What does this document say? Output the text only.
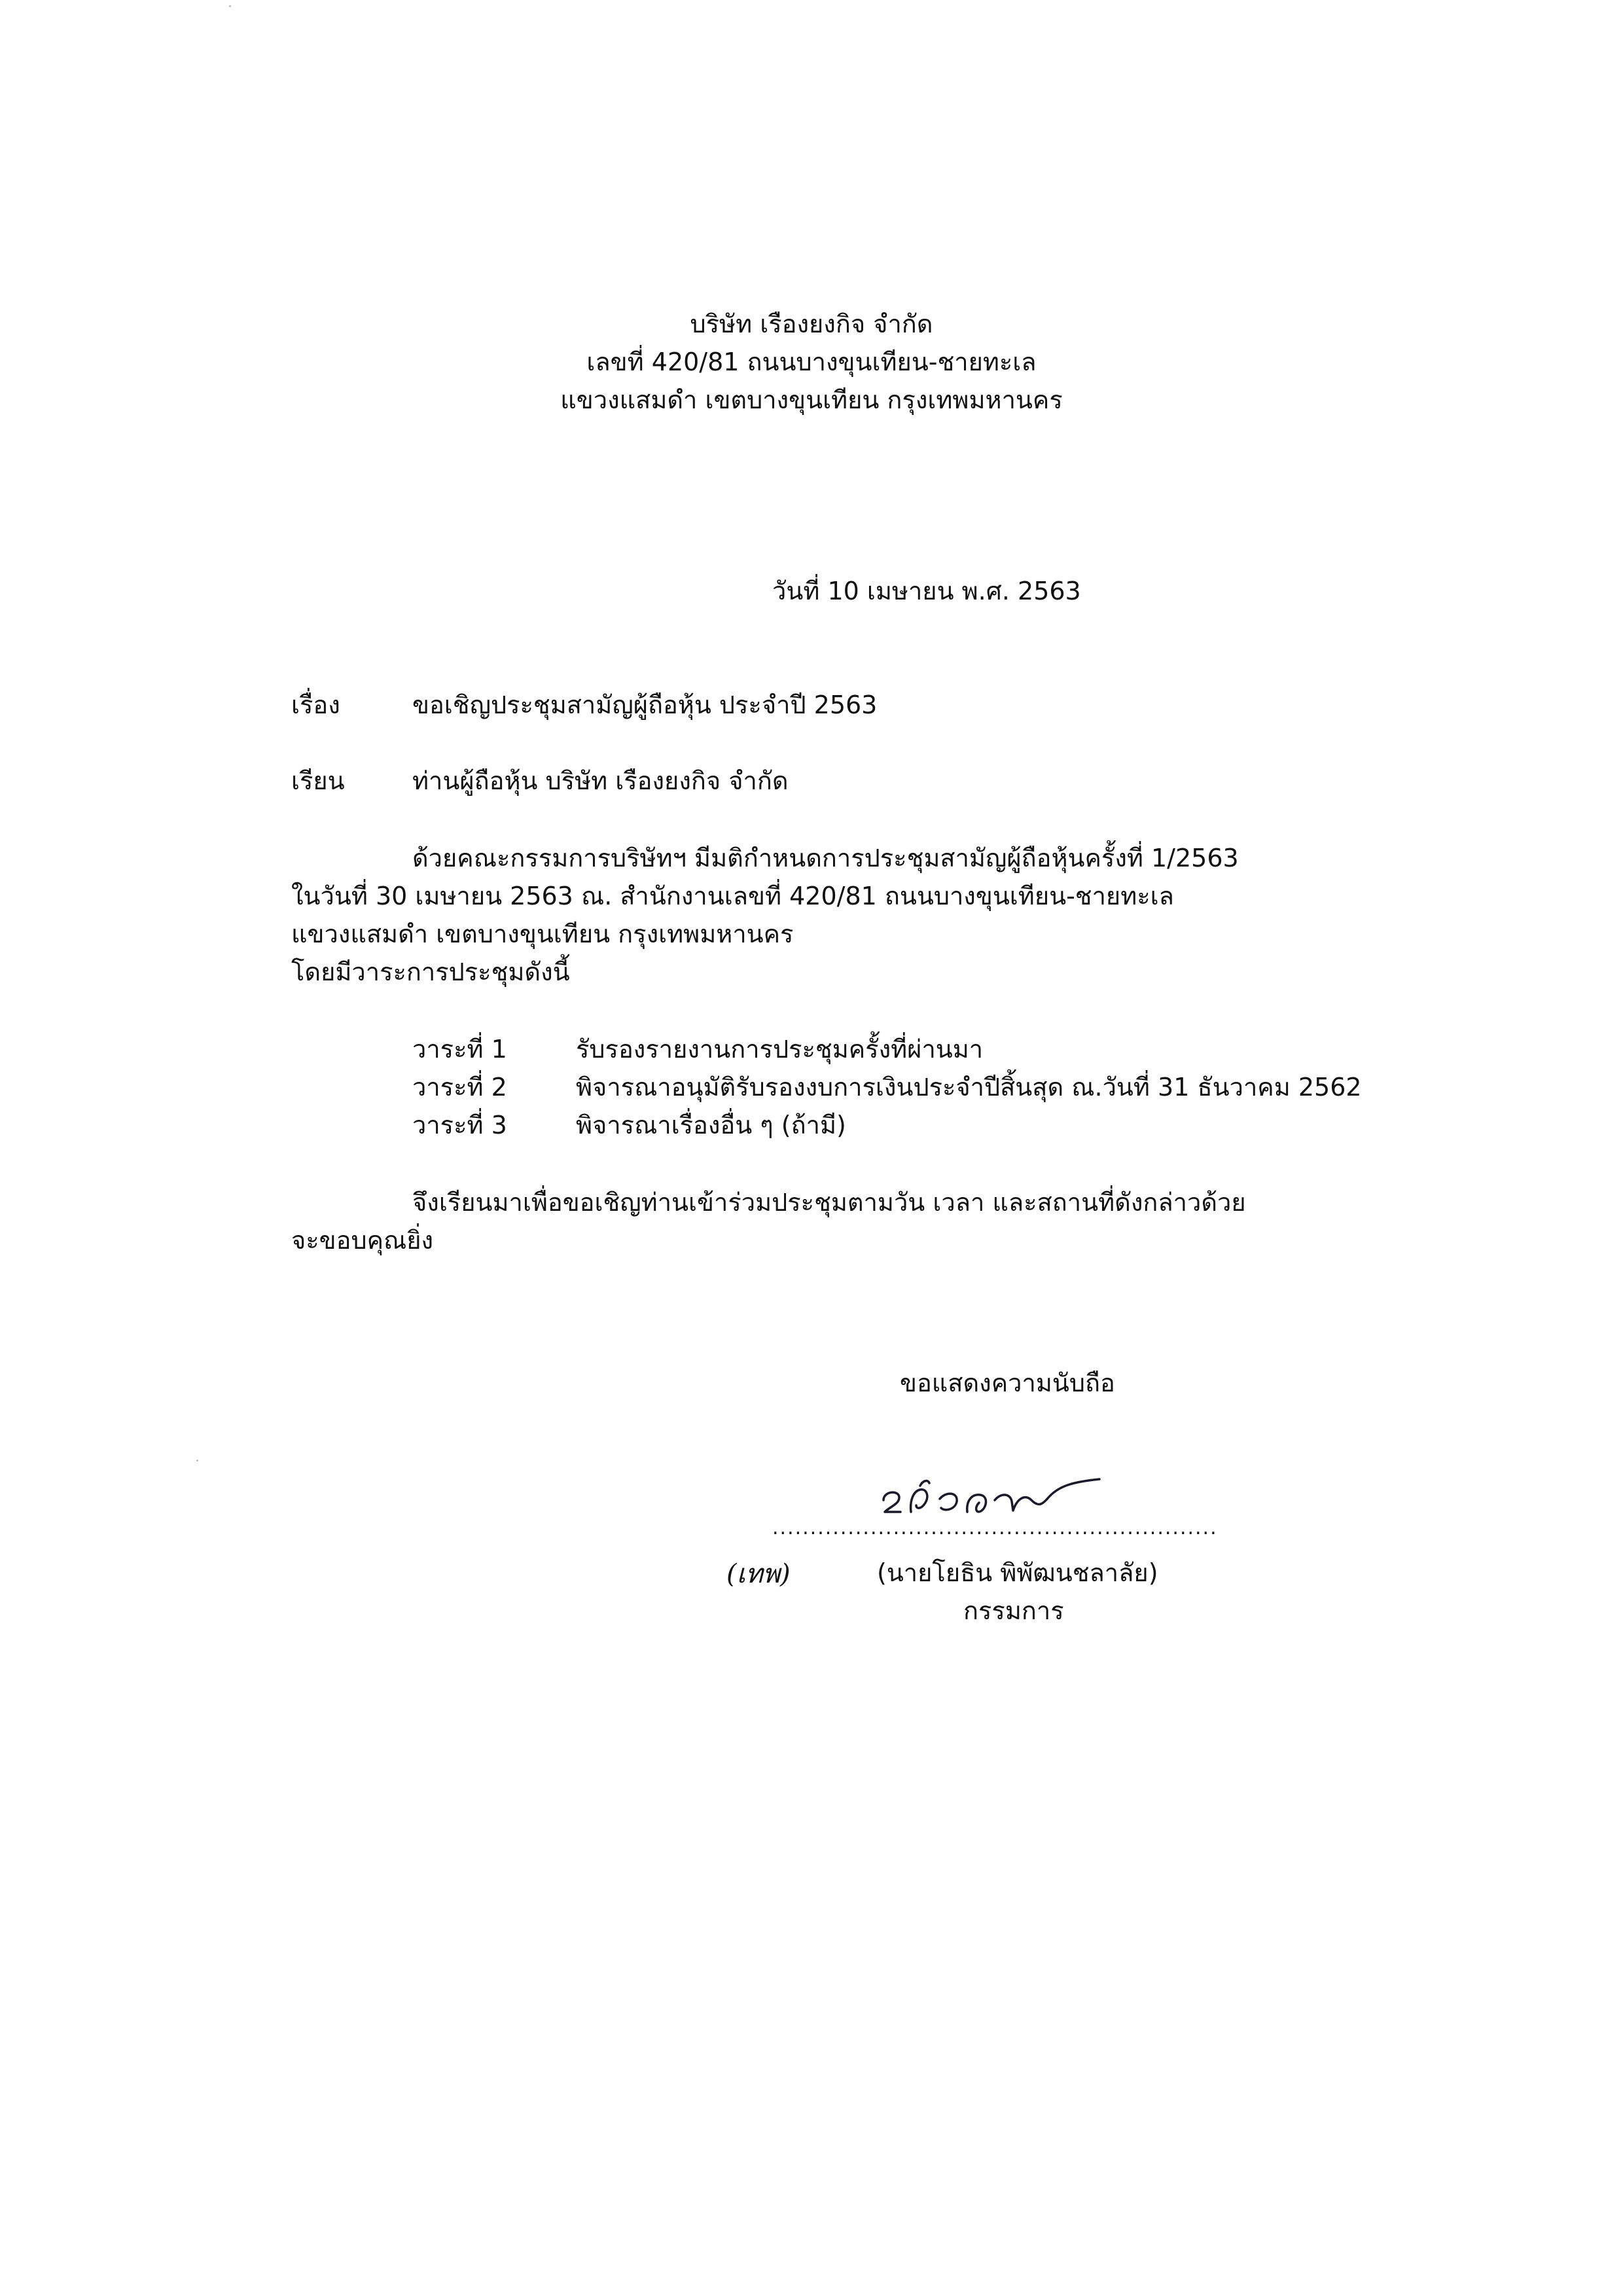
บริษัท เรืองยงกิจ จำกัด
เลขที่ 420/81 ถนนบางขุนเทียน-ชายทะเล
แขวงแสมดำ เขตบางขุนเทียน กรุงเทพมหานคร
วันที่ 10 เมษายน พ.ศ. 2563
เรื่อง	ขอเชิญประชุมสามัญผู้ถือหุ้น ประจำปี 2563
เรียน	ท่านผู้ถือหุ้น บริษัท เรืองยงกิจ จำกัด
ด้วยคณะกรรมการบริษัทฯ มีมติกำหนดการประชุมสามัญผู้ถือหุ้นครั้งที่ 1/2563
ในวันที่ 30 เมษายน 2563 ณ. สำนักงานเลขที่ 420/81 ถนนบางขุนเทียน-ชายทะเล
แขวงแสมดำ เขตบางขุนเทียน กรุงเทพมหานคร
โดยมีวาระการประชุมดังนี้
วาระที่ 1	รับรองรายงานการประชุมครั้งที่ผ่านมา
วาระที่ 2	พิจารณาอนุมัติรับรองงบการเงินประจำปีสิ้นสุด ณ.วันที่ 31 ธันวาคม 2562
วาระที่ 3	พิจารณาเรื่องอื่น ๆ (ถ้ามี)
จึงเรียนมาเพื่อขอเชิญท่านเข้าร่วมประชุมตามวัน เวลา และสถานที่ดังกล่าวด้วย
จะขอบคุณยิ่ง
ขอแสดงความนับถือ
...........................................................
(เทพ)	(นายโยธิน พิพัฒนชลาลัย)
กรรมการ
